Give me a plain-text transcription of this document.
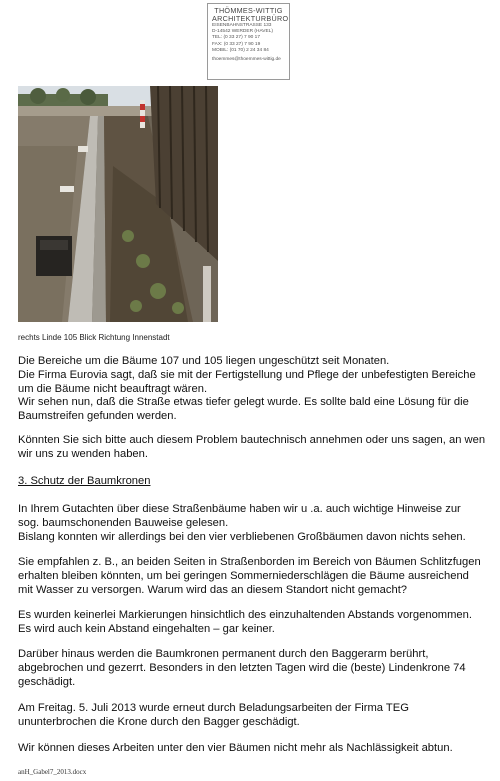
THÖMMES-WITTIG
ARCHITEKTURBÜRO
EISENBAHNSTRASSE 133
D-14542 WERDER (HAVEL)
TEL: (0 33 27) 7 90 17
FAX: (0 33 27) 7 90 19
MOBIL: (01 70) 2 24 34 84
thoemmes@thoemmes-wittig.de
rechts Linde 105 Blick Richtung Innenstadt

Die Bereiche um die Bäume 107 und 105 liegen ungeschützt seit Monaten.

Die Firma Eurovia sagt, daß sie mit der Fertigstellung und Pflege der unbefestigten Bereiche

um die Bäume nicht beauftragt wären.

Wir sehen nun, daß die Straße etwas tiefer gelegt wurde. Es sollte bald eine Lösung für die

Baumstreifen gefunden werden.

Könnten Sie sich bitte auch diesem Problem bautechnisch annehmen oder uns sagen, an wen

wir uns zu wenden haben.

3. Schutz der Baumkronen

In Ihrem Gutachten über diese Straßenbäume haben wir u .a. auch wichtige Hinweise zur

sog. baumschonenden Bauweise gelesen.

Bislang konnten wir allerdings bei den vier verbliebenen Großbäumen davon nichts sehen.

Sie empfahlen z. B., an beiden Seiten in Straßenborden im Bereich von Bäumen Schlitzfugen

erhalten bleiben könnten, um bei geringen Sommerniederschlägen die Bäume ausreichend

mit Wasser zu versorgen. Warum wird das an diesem Standort nicht gemacht?

Es wurden keinerlei Markierungen hinsichtlich des einzuhaltenden Abstands vorgenommen.

Es wird auch kein Abstand eingehalten – gar keiner.

Darüber hinaus werden die Baumkronen permanent durch den Baggerarm berührt,

abgebrochen und gezerrt. Besonders in den letzten Tagen wird die (beste) Lindenkrone 74

geschädigt.

Am Freitag. 5. Juli 2013 wurde erneut durch Beladungsarbeiten der Firma TEG

ununterbrochen die Krone durch den Bagger geschädigt.

Wir können dieses Arbeiten unter den vier Bäumen nicht mehr als Nachlässigkeit abtun.

anH_Gabel7_2013.docx
